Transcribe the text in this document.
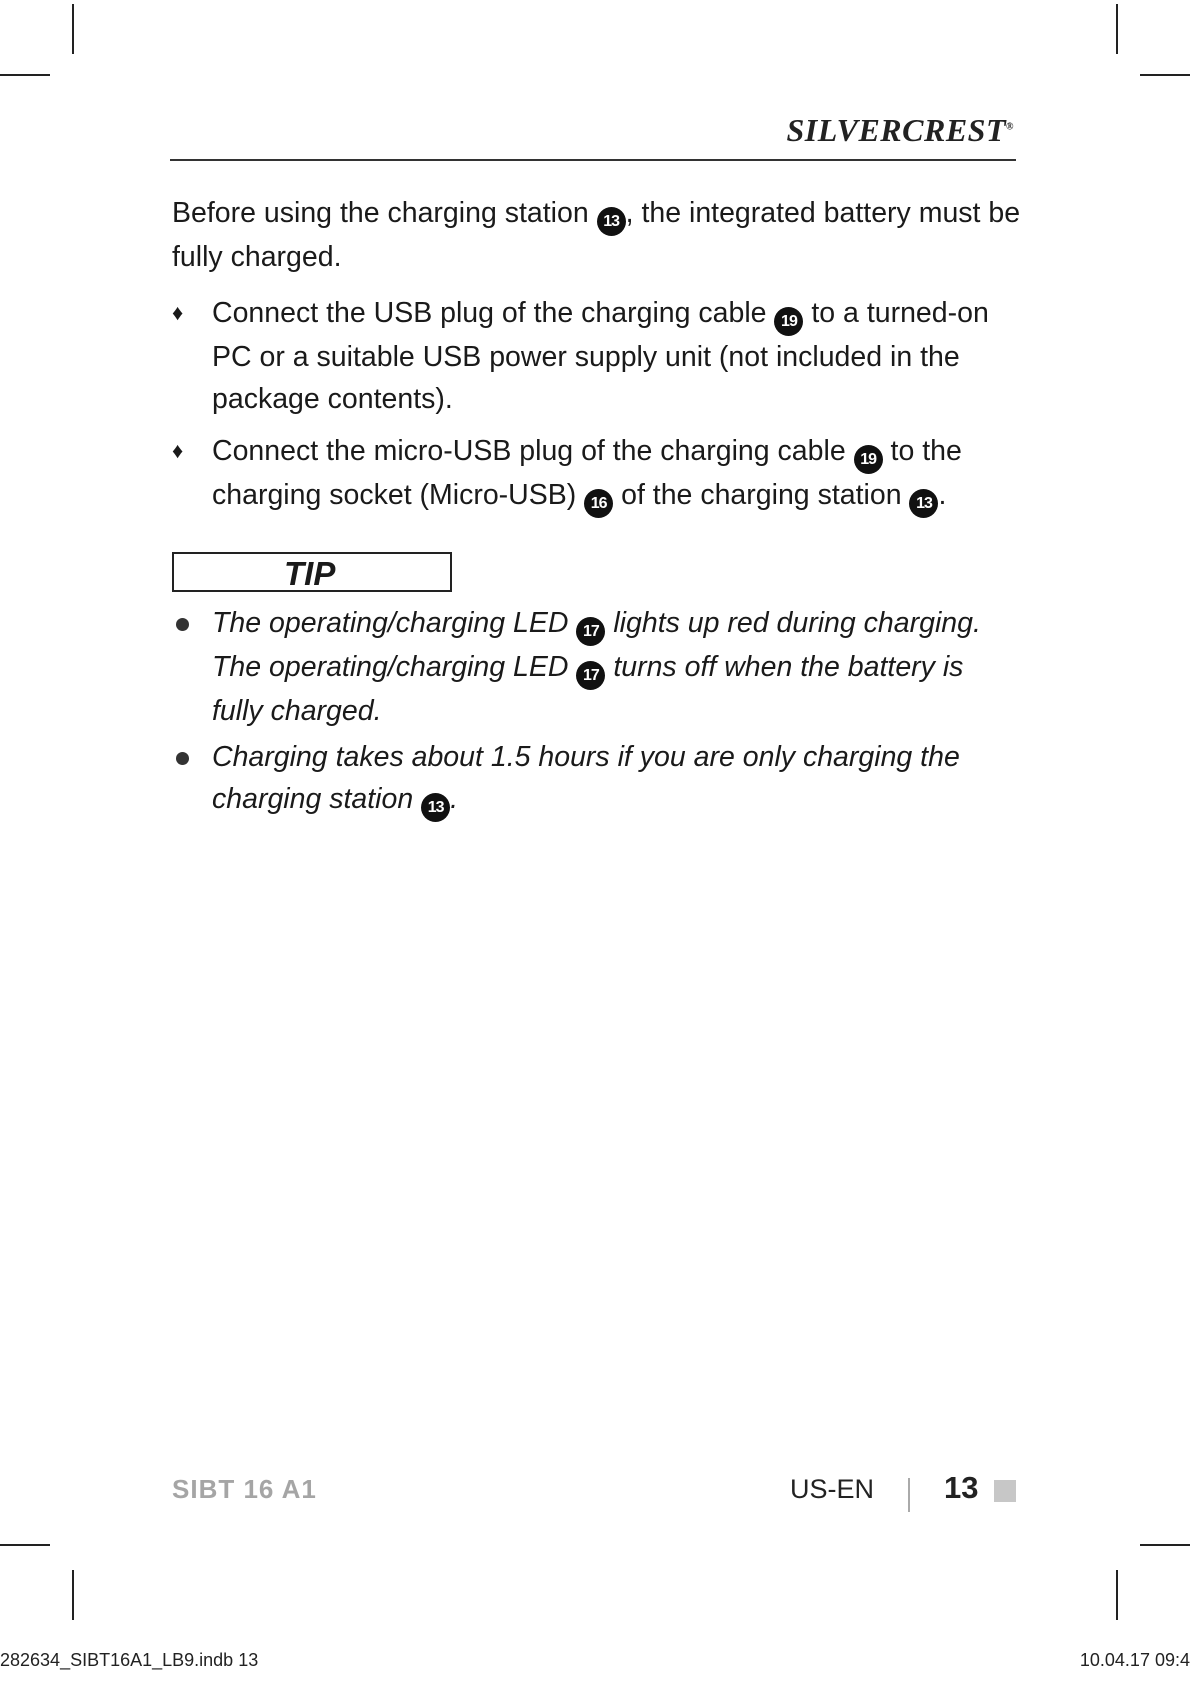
SILVERCREST®

Before using the charging station 13 , the integrated battery must be fully charged.

♦ Connect the USB plug of the charging cable 19 to a turned-on PC or a suitable USB power supply unit (not included in the package contents).
♦ Connect the micro-USB plug of the charging cable 19 to the charging socket (Micro-USB) 16 of the charging station 13 .
TIP
The operating/charging LED 17 lights up red during charging. The operating/charging LED 17 turns off when the battery is fully charged.
Charging takes about 1.5 hours if you are only charging the charging station 13 .
SIBT 16 A1	US-EN 13
282634_SIBT16A1_LB9.indb 13	10.04.17 09:4
